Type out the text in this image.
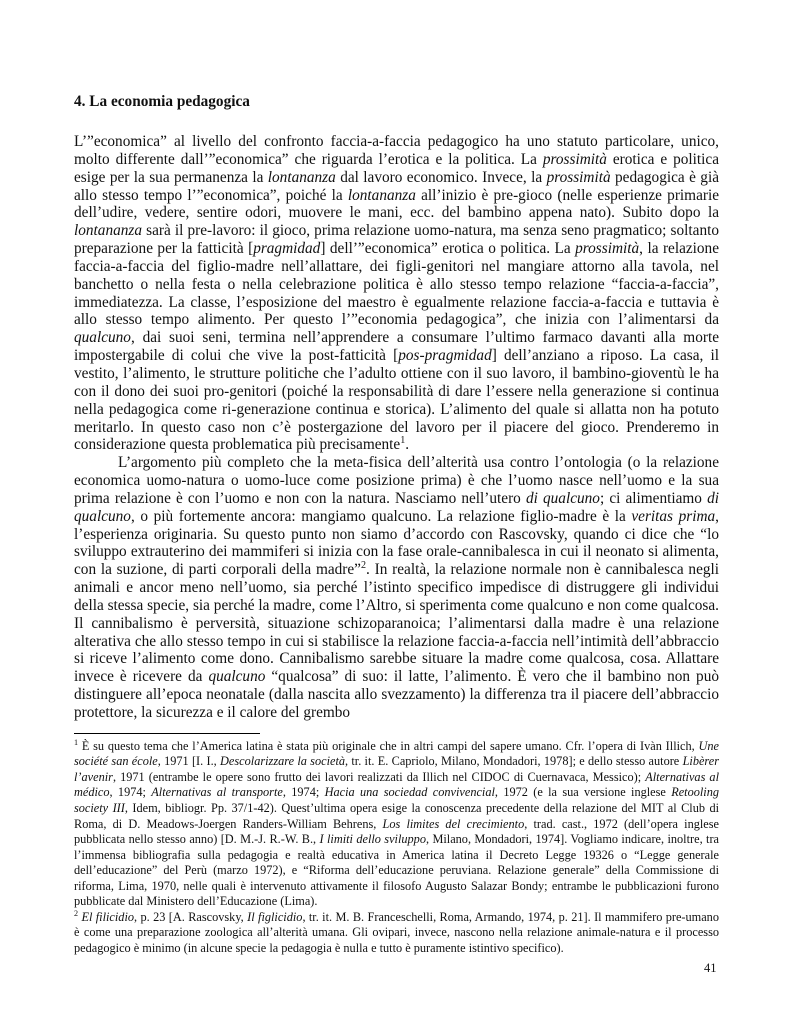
4. La economia pedagogica

L’”economica” al livello del confronto faccia-a-faccia pedagogico ha uno statuto particolare, unico, molto differente dall’”economica” che riguarda l’erotica e la politica. La prossimità erotica e politica esige per la sua permanenza la lontananza dal lavoro economico. Invece, la prossimità pedagogica è già allo stesso tempo l’”economica”, poiché la lontananza all’inizio è pre-gioco (nelle esperienze primarie dell’udire, vedere, sentire odori, muovere le mani, ecc. del bambino appena nato). Subito dopo la lontananza sarà il pre-lavoro: il gioco, prima relazione uomo-natura, ma senza seno pragmatico; soltanto preparazione per la fatticità [pragmidad] dell’”economica” erotica o politica. La prossimità, la relazione faccia-a-faccia del figlio-madre nell’allattare, dei figli-genitori nel mangiare attorno alla tavola, nel banchetto o nella festa o nella celebrazione politica è allo stesso tempo relazione “faccia-a-faccia”, immediatezza. La classe, l’esposizione del maestro è egualmente relazione faccia-a-faccia e tuttavia è allo stesso tempo alimento. Per questo l’”economia pedagogica”, che inizia con l’alimentarsi da qualcuno, dai suoi seni, termina nell’apprendere a consumare l’ultimo farmaco davanti alla morte impostergabile di colui che vive la post-fatticità [pos-pragmidad] dell’anziano a riposo. La casa, il vestito, l’alimento, le strutture politiche che l’adulto ottiene con il suo lavoro, il bambino-gioventù le ha con il dono dei suoi pro-genitori (poiché la responsabilità di dare l’essere nella generazione si continua nella pedagogica come ri-generazione continua e storica). L’alimento del quale si allatta non ha potuto meritarlo. In questo caso non c’è postergazione del lavoro per il piacere del gioco. Prenderemo in considerazione questa problematica più precisamente$^1$.

L’argomento più completo che la meta-fisica dell’alterità usa contro l’ontologia (o la relazione economica uomo-natura o uomo-luce come posizione prima) è che l’uomo nasce nell’uomo e la sua prima relazione è con l’uomo e non con la natura. Nasciamo nell’utero di qualcuno; ci alimentiamo di qualcuno, o più fortemente ancora: mangiamo qualcuno. La relazione figlio-madre è la veritas prima, l’esperienza originaria. Su questo punto non siamo d’accordo con Rascovsky, quando ci dice che “lo sviluppo extrauterino dei mammiferi si inizia con la fase orale-cannibalesca in cui il neonato si alimenta, con la suzione, di parti corporali della madre”$^2$. In realtà, la relazione normale non è cannibalesca negli animali e ancor meno nell’uomo, sia perché l’istinto specifico impedisce di distruggere gli individui della stessa specie, sia perché la madre, come l’Altro, si sperimenta come qualcuno e non come qualcosa. Il cannibalismo è perversità, situazione schizoparanoica; l’alimentarsi dalla madre è una relazione alterativa che allo stesso tempo in cui si stabilisce la relazione faccia-a-faccia nell’intimità dell’abbraccio si riceve l’alimento come dono. Cannibalismo sarebbe situare la madre come qualcosa, cosa. Allattare invece è ricevere da qualcuno “qualcosa” di suo: il latte, l’alimento. È vero che il bambino non può distinguere all’epoca neonatale (dalla nascita allo svezzamento) la differenza tra il piacere dell’abbraccio protettore, la sicurezza e il calore del grembo

$^1$ È su questo tema che l’America latina è stata più originale che in altri campi del sapere umano. Cfr. l’opera di Ivàn Illich, Une société san école, 1971 [I. I., Descolarizzare la società, tr. it. E. Capriolo, Milano, Mondadori, 1978]; e dello stesso autore Libèrer l’avenir, 1971 (entrambe le opere sono frutto dei lavori realizzati da Illich nel CIDOC di Cuernavaca, Messico); Alternativas al médico, 1974; Alternativas al transporte, 1974; Hacia una sociedad convivencial, 1972 (e la sua versione inglese Retooling society III, Idem, bibliogr. Pp. 37/1-42). Quest’ultima opera esige la conoscenza precedente della relazione del MIT al Club di Roma, di D. Meadows-Joergen Randers-William Behrens, Los limites del crecimiento, trad. cast., 1972 (dell’opera inglese pubblicata nello stesso anno) [D. M.-J. R.-W. B., I limiti dello sviluppo, Milano, Mondadori, 1974]. Vogliamo indicare, inoltre, tra l’immensa bibliografia sulla pedagogia e realtà educativa in America latina il Decreto Legge 19326 o “Legge generale dell’educazione” del Perù (marzo 1972), e “Riforma dell’educazione peruviana. Relazione generale” della Commissione di riforma, Lima, 1970, nelle quali è intervenuto attivamente il filosofo Augusto Salazar Bondy; entrambe le pubblicazioni furono pubblicate dal Ministero dell’Educazione (Lima).

$^2$ El filicidio, p. 23 [A. Rascovsky, Il figlicidio, tr. it. M. B. Franceschelli, Roma, Armando, 1974, p. 21]. Il mammifero pre-umano è come una preparazione zoologica all’alterità umana. Gli ovipari, invece, nascono nella relazione animale-natura e il processo pedagogico è minimo (in alcune specie la pedagogia è nulla e tutto è puramente istintivo specifico).

41
